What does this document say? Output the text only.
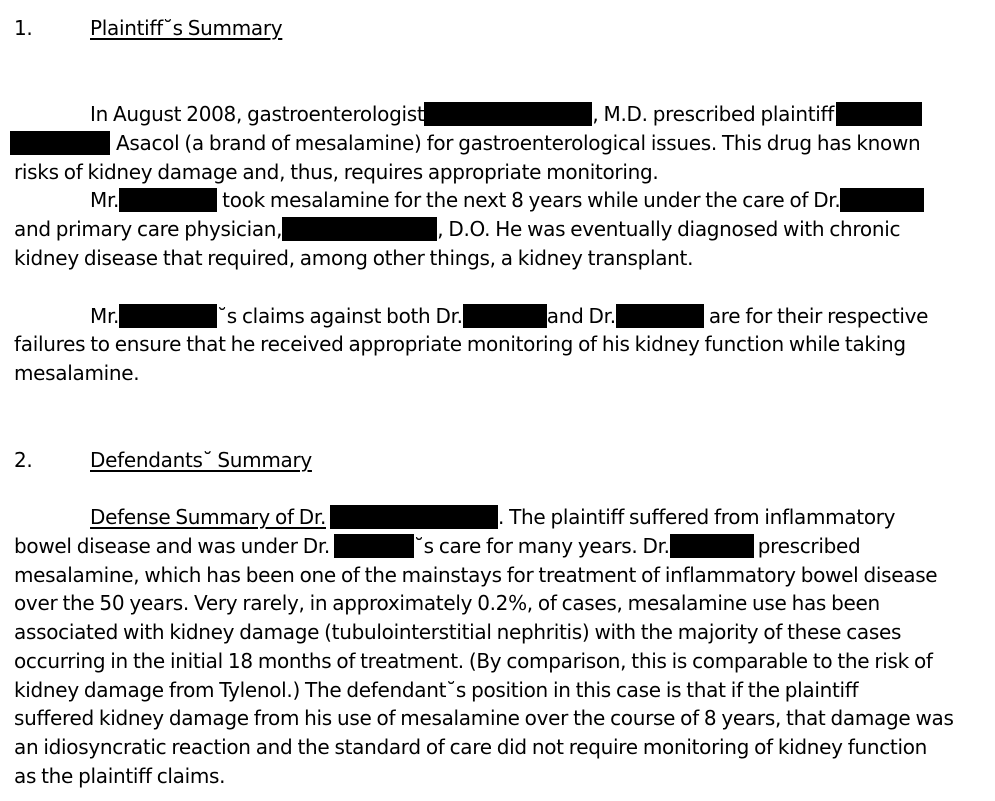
1.	Plaintiff˘s Summary
In August 2008, gastroenterologist	, M.D. prescribed plaintiff
Asacol (a brand of mesalamine) for gastroenterological issues. This drug has known
risks of kidney damage and, thus, requires appropriate monitoring.
Mr.	took mesalamine for the next 8 years while under the care of Dr.
and primary care physician,	, D.O. He was eventually diagnosed with chronic
kidney disease that required, among other things, a kidney transplant.
Mr.	˘s claims against both Dr.	and Dr.	are for their respective
failures to ensure that he received appropriate monitoring of his kidney function while taking
mesalamine.
2.	Defendants˘ Summary
Defense Summary of Dr.	. The plaintiff suffered from inflammatory
bowel disease and was under Dr.	˘s care for many years. Dr.	prescribed
mesalamine, which has been one of the mainstays for treatment of inflammatory bowel disease
over the 50 years. Very rarely, in approximately 0.2%, of cases, mesalamine use has been
associated with kidney damage (tubulointerstitial nephritis) with the majority of these cases
occurring in the initial 18 months of treatment. (By comparison, this is comparable to the risk of
kidney damage from Tylenol.) The defendant˘s position in this case is that if the plaintiff
suffered kidney damage from his use of mesalamine over the course of 8 years, that damage was
an idiosyncratic reaction and the standard of care did not require monitoring of kidney function
as the plaintiff claims.
